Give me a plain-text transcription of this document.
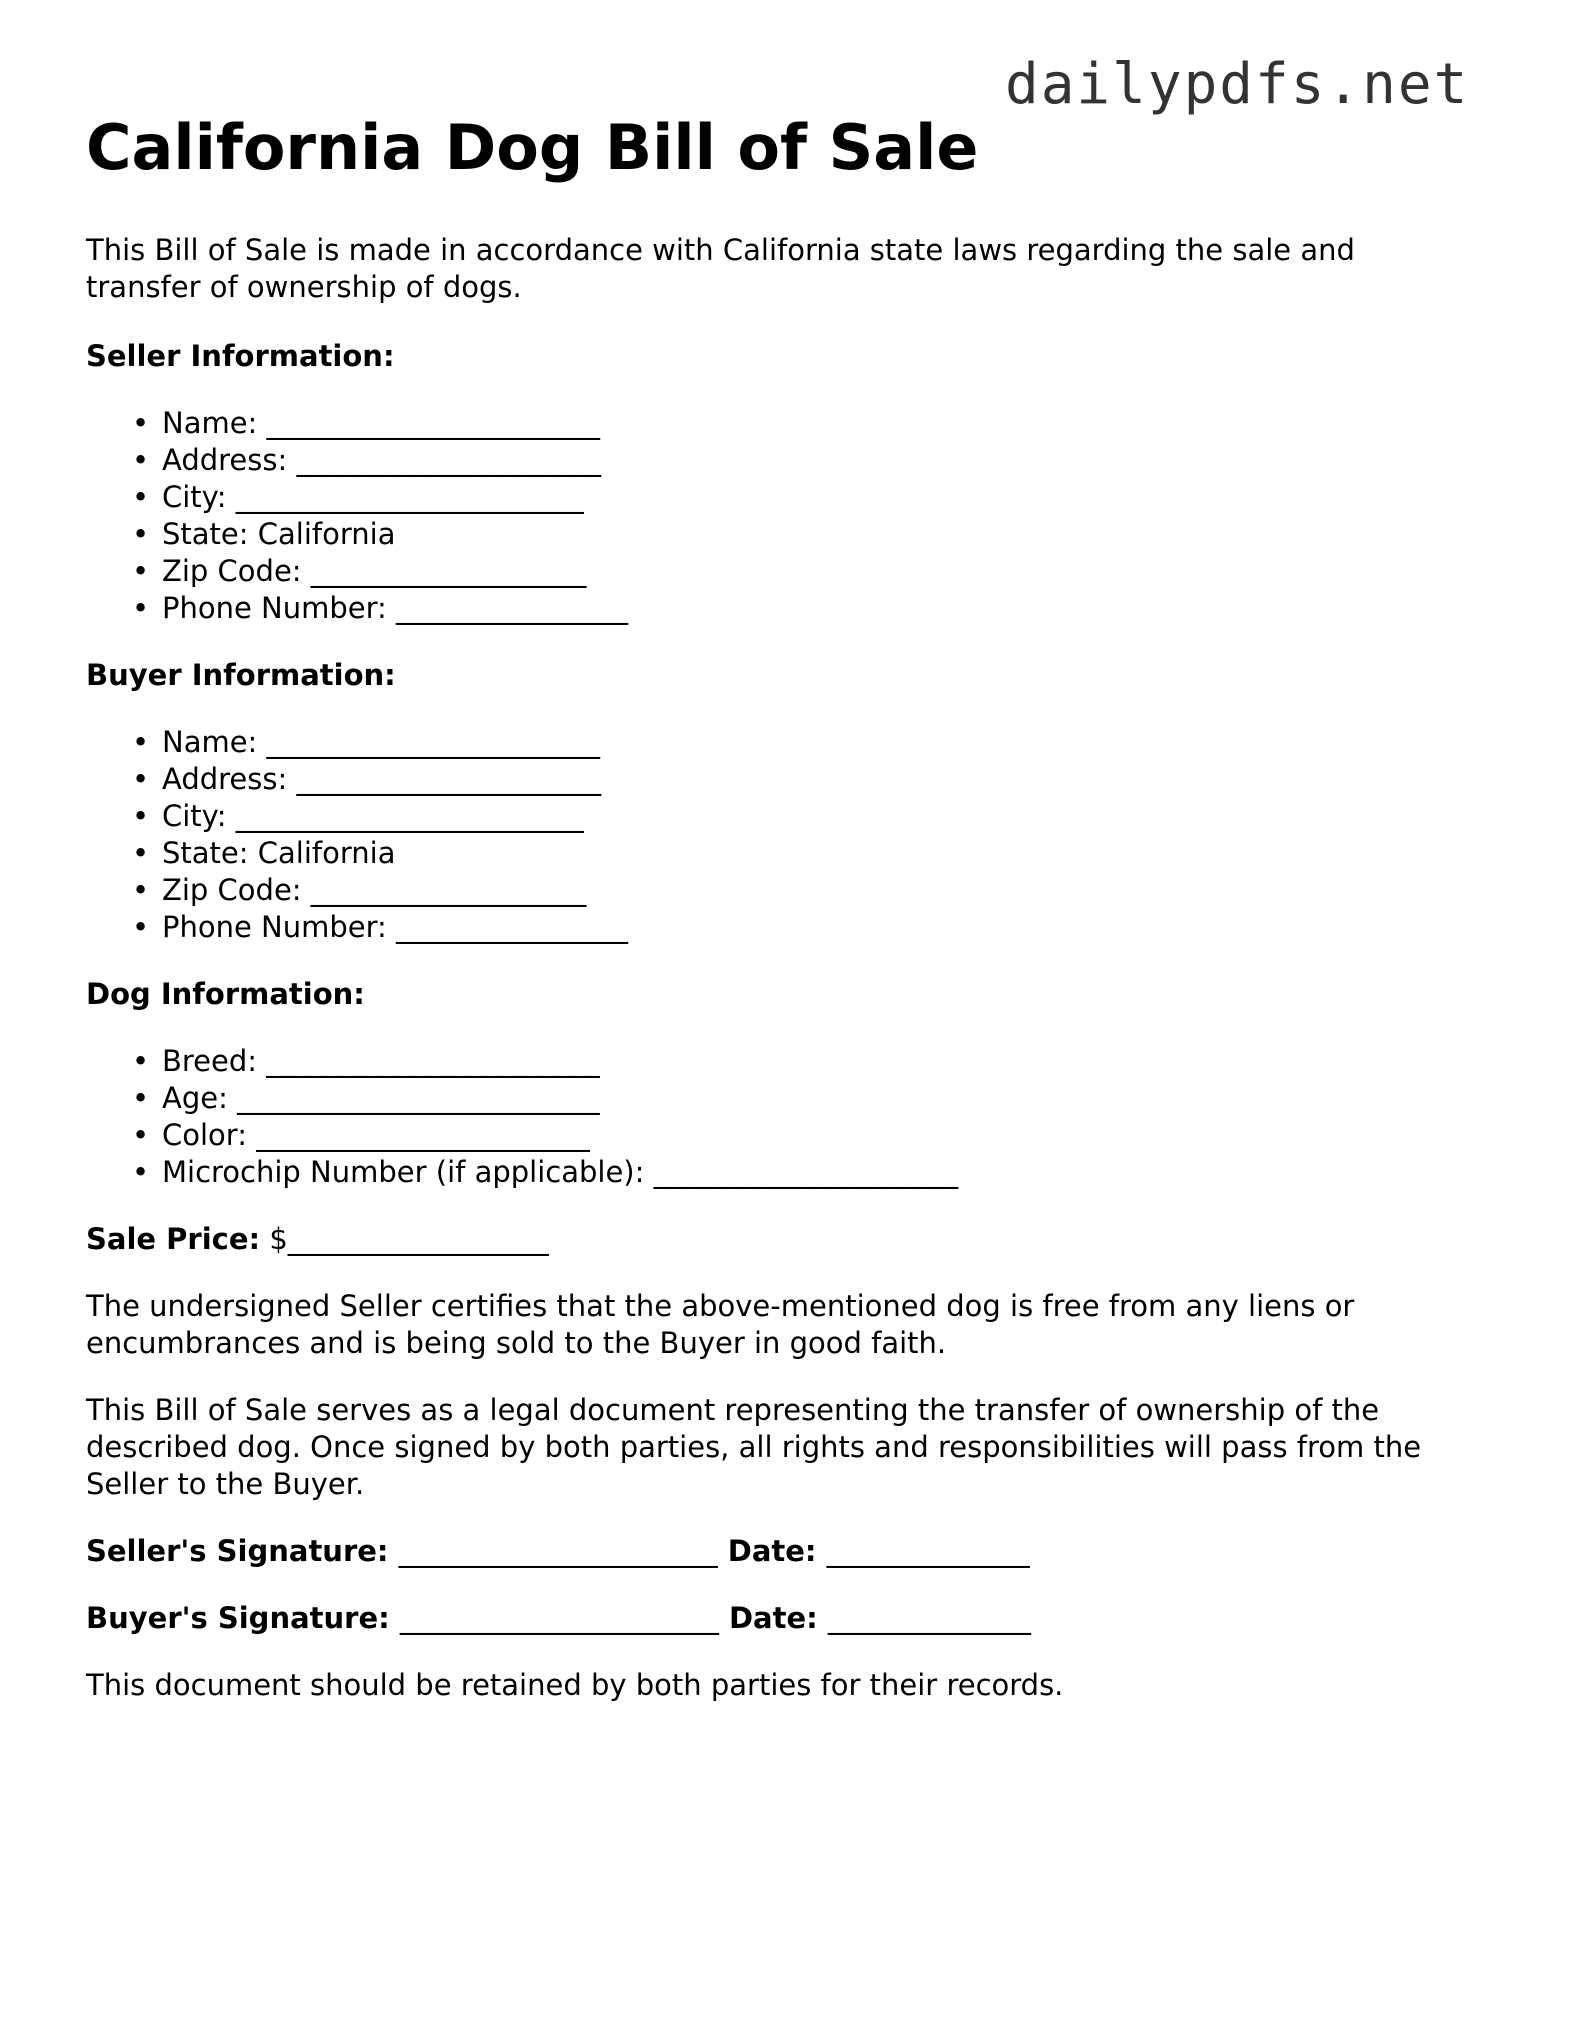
dailypdfs.net
California Dog Bill of Sale

This Bill of Sale is made in accordance with California state laws regarding the sale and transfer of ownership of dogs.

Seller Information:

• Name: _______________________
• Address: _____________________
• City: ________________________
• State: California
• Zip Code: ___________________
• Phone Number: ________________

Buyer Information:

• Name: _______________________
• Address: _____________________
• City: ________________________
• State: California
• Zip Code: ___________________
• Phone Number: ________________

Dog Information:

• Breed: _______________________
• Age: _________________________
• Color: _______________________
• Microchip Number (if applicable): _____________________

Sale Price: $__________________

The undersigned Seller certifies that the above-mentioned dog is free from any liens or encumbrances and is being sold to the Buyer in good faith.

This Bill of Sale serves as a legal document representing the transfer of ownership of the described dog. Once signed by both parties, all rights and responsibilities will pass from the Seller to the Buyer.

Seller's Signature: ______________________ Date: ______________

Buyer's Signature: ______________________ Date: ______________

This document should be retained by both parties for their records.
